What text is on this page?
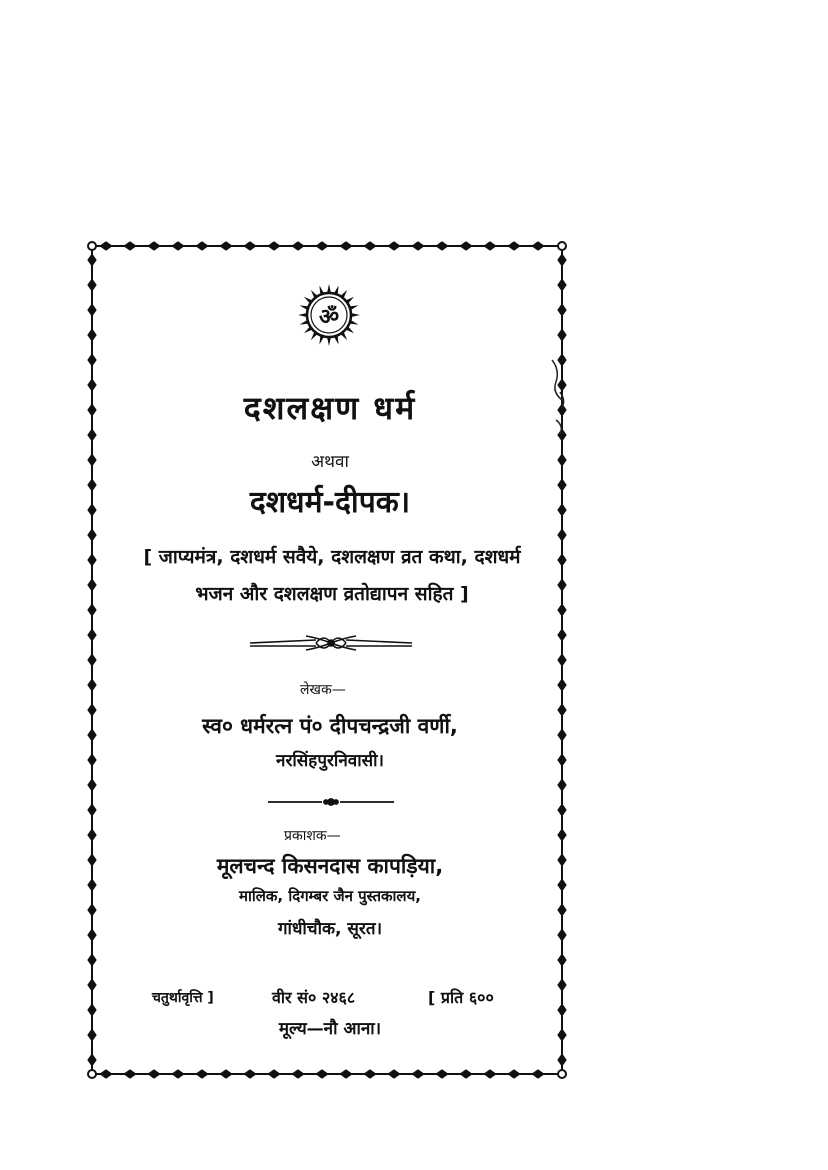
ॐ
दशलक्षण धर्म
अथवा
दशधर्म-दीपक।
[ जाप्यमंत्र, दशधर्म सवैये, दशलक्षण व्रत कथा, दशधर्म
भजन और दशलक्षण व्रतोद्यापन सहित ]
लेखक—
स्व० धर्मरत्न पं० दीपचन्द्रजी वर्णी,
नरसिंहपुरनिवासी।
प्रकाशक—
मूलचन्द किसनदास कापड़िया,
मालिक, दिगम्बर जैन पुस्तकालय,
गांधीचौक, सूरत।
चतुर्थावृत्ति ]	वीर सं० २४६८	[ प्रति ६००
मूल्य—नौ आना।
